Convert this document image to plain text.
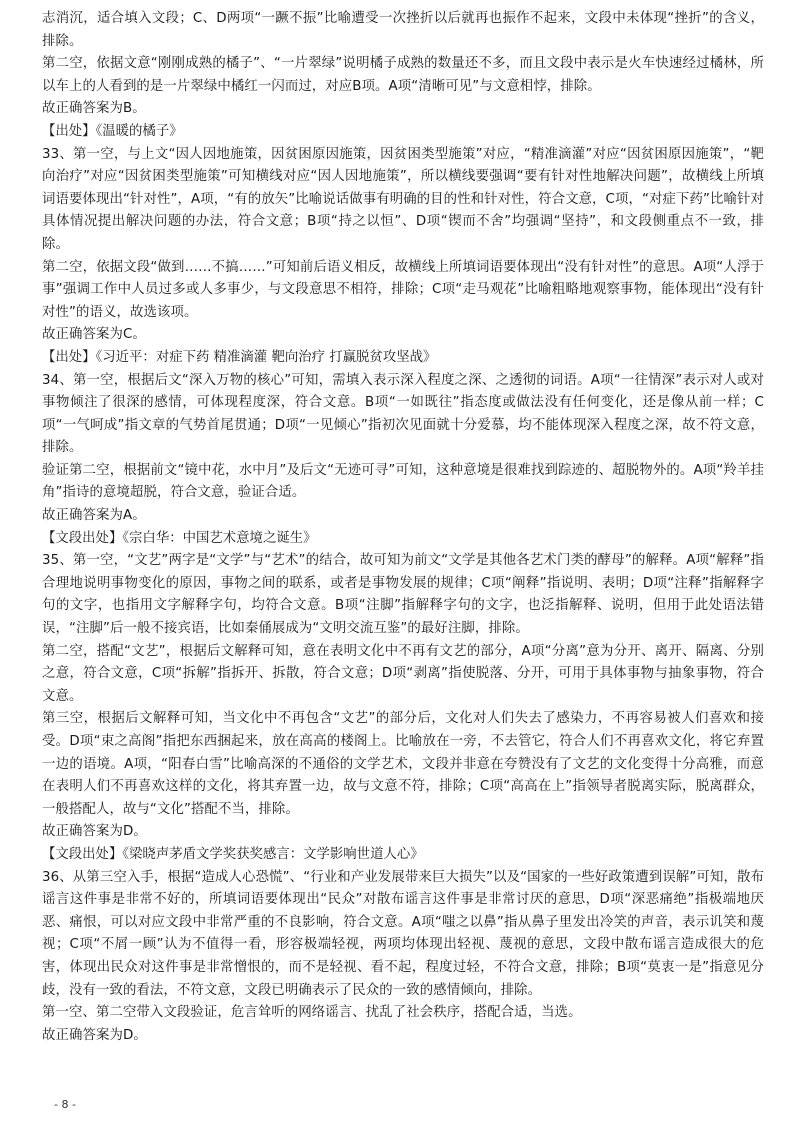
志消沉，适合填入文段；C、D两项“一蹶不振”比喻遭受一次挫折以后就再也振作不起来，文段中未体现“挫折”的含义，排除。

第二空，依据文意“刚刚成熟的橘子”、“一片翠绿”说明橘子成熟的数量还不多，而且文段中表示是火车快速经过橘林，所以车上的人看到的是一片翠绿中橘红一闪而过，对应B项。A项“清晰可见”与文意相悖，排除。

故正确答案为B。

【出处】《温暖的橘子》

33、第一空，与上文“因人因地施策，因贫困原因施策，因贫困类型施策”对应，“精准滴灌”对应“因贫困原因施策”，“靶向治疗”对应“因贫困类型施策”可知横线对应“因人因地施策”，所以横线要强调“要有针对性地解决问题”，故横线上所填词语要体现出“针对性”，A项，“有的放矢”比喻说话做事有明确的目的性和针对性，符合文意，C项，“对症下药”比喻针对具体情况提出解决问题的办法，符合文意；B项“持之以恒”、D项“锲而不舍”均强调“坚持”，和文段侧重点不一致，排除。

第二空，依据文段“做到……不搞……”可知前后语义相反，故横线上所填词语要体现出“没有针对性”的意思。A项“人浮于事”强调工作中人员过多或人多事少，与文段意思不相符，排除；C项“走马观花”比喻粗略地观察事物，能体现出“没有针对性”的语义，故选该项。

故正确答案为C。

【出处】《习近平：对症下药 精准滴灌 靶向治疗 打赢脱贫攻坚战》

34、第一空，根据后文“深入万物的核心”可知，需填入表示深入程度之深、之透彻的词语。A项“一往情深”表示对人或对事物倾注了很深的感情，可体现程度深，符合文意。B项“一如既往”指态度或做法没有任何变化，还是像从前一样；C项“一气呵成”指文章的气势首尾贯通；D项“一见倾心”指初次见面就十分爱慕，均不能体现深入程度之深，故不符文意，排除。

验证第二空，根据前文“镜中花，水中月”及后文“无迹可寻”可知，这种意境是很难找到踪迹的、超脱物外的。A项“羚羊挂角”指诗的意境超脱，符合文意，验证合适。

故正确答案为A。

【文段出处】《宗白华：中国艺术意境之诞生》

35、第一空，“文艺”两字是“文学”与“艺术”的结合，故可知为前文“文学是其他各艺术门类的酵母”的解释。A项“解释”指合理地说明事物变化的原因，事物之间的联系，或者是事物发展的规律；C项“阐释”指说明、表明；D项“注释”指解释字句的文字，也指用文字解释字句，均符合文意。B项“注脚”指解释字句的文字，也泛指解释、说明，但用于此处语法错误，“注脚”后一般不接宾语，比如秦俑展成为“文明交流互鉴”的最好注脚，排除。

第二空，搭配“文艺”，根据后文解释可知，意在表明文化中不再有文艺的部分，A项“分离”意为分开、离开、隔离、分别之意，符合文意，C项“拆解”指拆开、拆散，符合文意；D项“剥离”指使脱落、分开，可用于具体事物与抽象事物，符合文意。

第三空，根据后文解释可知，当文化中不再包含“文艺”的部分后，文化对人们失去了感染力，不再容易被人们喜欢和接受。D项“束之高阁”指把东西捆起来，放在高高的楼阁上。比喻放在一旁，不去管它，符合人们不再喜欢文化，将它弃置一边的语境。A项，“阳春白雪”比喻高深的不通俗的文学艺术，文段并非意在夸赞没有了文艺的文化变得十分高雅，而意在表明人们不再喜欢这样的文化，将其弃置一边，故与文意不符，排除；C项“高高在上”指领导者脱离实际，脱离群众，一般搭配人，故与“文化”搭配不当，排除。

故正确答案为D。

【文段出处】《梁晓声茅盾文学奖获奖感言：文学影响世道人心》

36、从第三空入手，根据“造成人心恐慌”、“行业和产业发展带来巨大损失”以及“国家的一些好政策遭到误解”可知，散布谣言这件事是非常不好的，所填词语要体现出“民众”对散布谣言这件事是非常讨厌的意思，D项“深恶痛绝”指极端地厌恶、痛恨，可以对应文段中非常严重的不良影响，符合文意。A项“嗤之以鼻”指从鼻子里发出冷笑的声音，表示讥笑和蔑视；C项“不屑一顾”认为不值得一看，形容极端轻视，两项均体现出轻视、蔑视的意思，文段中散布谣言造成很大的危害，体现出民众对这件事是非常憎恨的，而不是轻视、看不起，程度过轻，不符合文意，排除；B项“莫衷一是”指意见分歧，没有一致的看法，不符文意，文段已明确表示了民众的一致的感情倾向，排除。

第一空、第二空带入文段验证，危言耸听的网络谣言、扰乱了社会秩序，搭配合适，当选。

故正确答案为D。

- 8 -
